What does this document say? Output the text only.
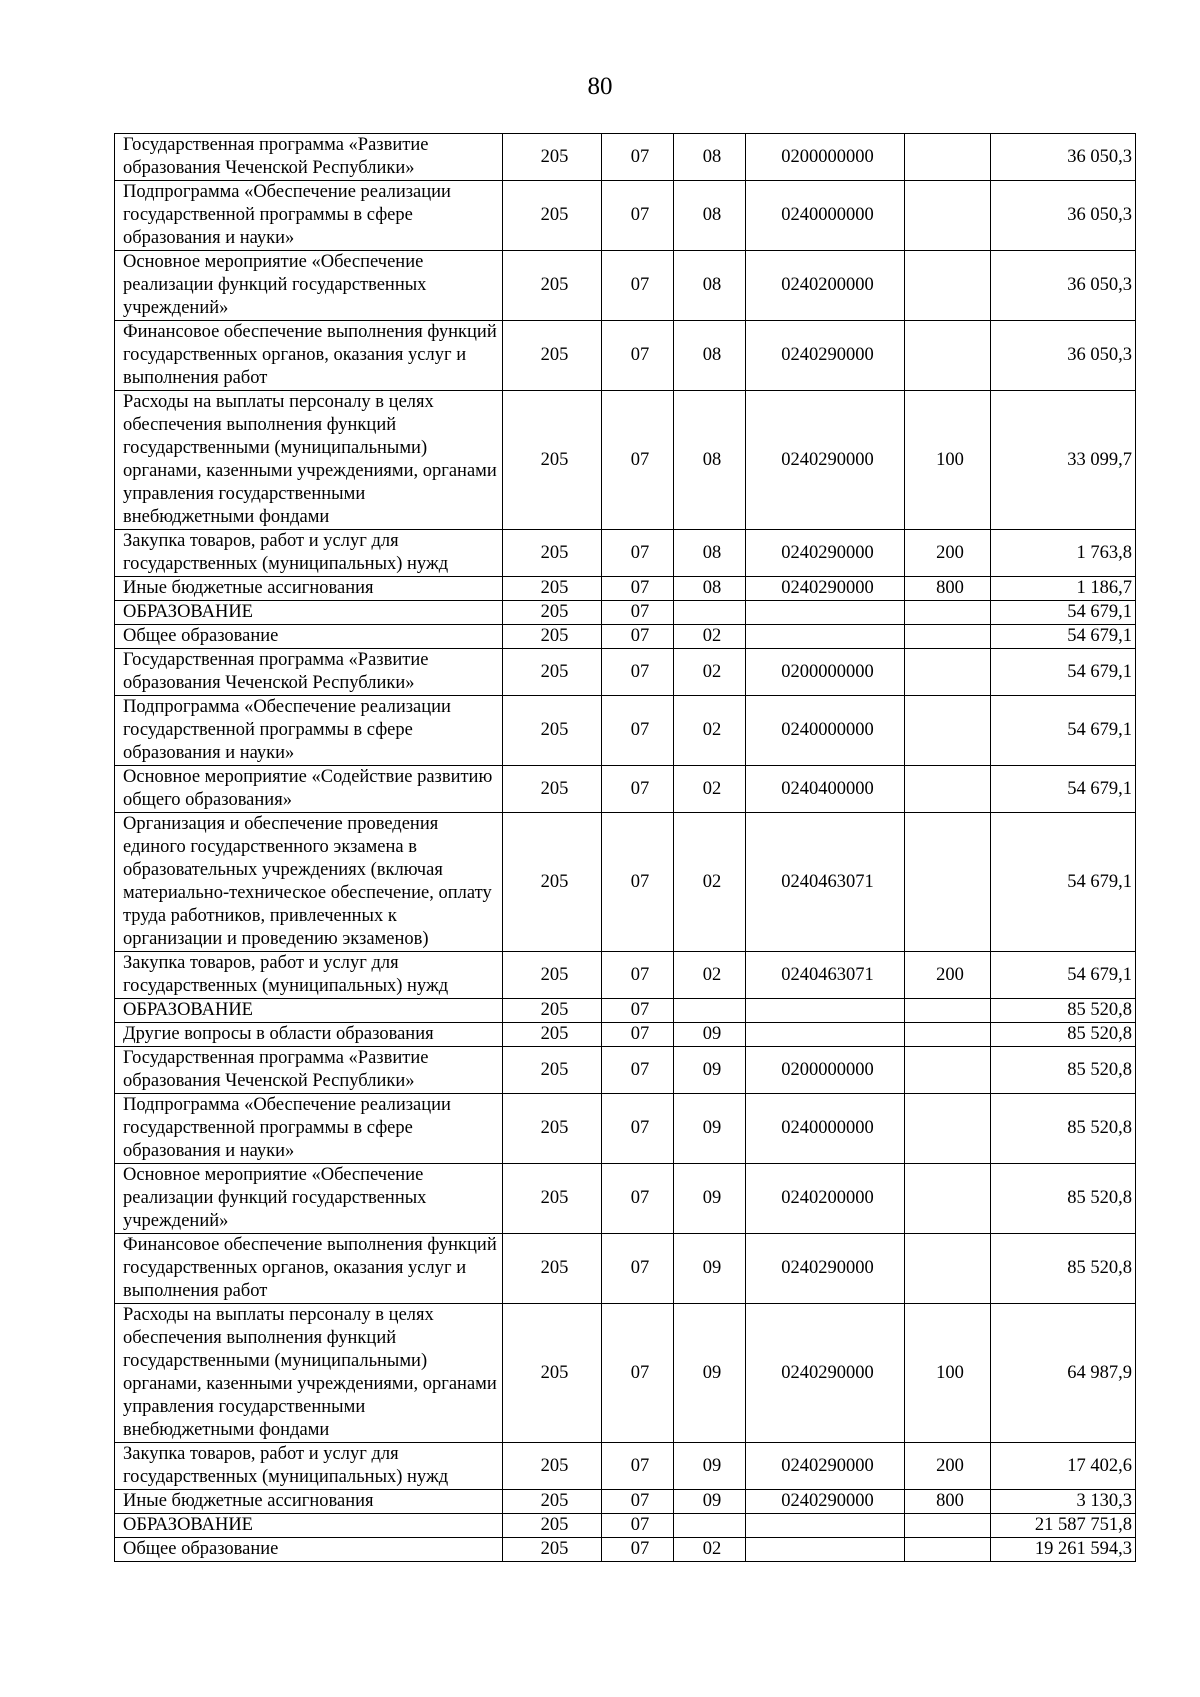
80
Государственная программа «Развитие образования Чеченской Республики»	205	07	08	0200000000		36 050,3
Подпрограмма «Обеспечение реализации государственной программы в сфере образования и науки»	205	07	08	0240000000		36 050,3
Основное мероприятие «Обеспечение реализации функций государственных учреждений»	205	07	08	0240200000		36 050,3
Финансовое обеспечение выполнения функций государственных органов, оказания услуг и выполнения работ	205	07	08	0240290000		36 050,3
Расходы на выплаты персоналу в целях обеспечения выполнения функций государственными (муниципальными) органами, казенными учреждениями, органами управления государственными внебюджетными фондами	205	07	08	0240290000	100	33 099,7
Закупка товаров, работ и услуг для государственных (муниципальных) нужд	205	07	08	0240290000	200	1 763,8
Иные бюджетные ассигнования	205	07	08	0240290000	800	1 186,7
ОБРАЗОВАНИЕ	205	07				54 679,1
Общее образование	205	07	02			54 679,1
Государственная программа «Развитие образования Чеченской Республики»	205	07	02	0200000000		54 679,1
Подпрограмма «Обеспечение реализации государственной программы в сфере образования и науки»	205	07	02	0240000000		54 679,1
Основное мероприятие «Содействие развитию общего образования»	205	07	02	0240400000		54 679,1
Организация и обеспечение проведения единого государственного экзамена в образовательных учреждениях (включая материально-техническое обеспечение, оплату труда работников, привлеченных к организации и проведению экзаменов)	205	07	02	0240463071		54 679,1
Закупка товаров, работ и услуг для государственных (муниципальных) нужд	205	07	02	0240463071	200	54 679,1
ОБРАЗОВАНИЕ	205	07				85 520,8
Другие вопросы в области образования	205	07	09			85 520,8
Государственная программа «Развитие образования Чеченской Республики»	205	07	09	0200000000		85 520,8
Подпрограмма «Обеспечение реализации государственной программы в сфере образования и науки»	205	07	09	0240000000		85 520,8
Основное мероприятие «Обеспечение реализации функций государственных учреждений»	205	07	09	0240200000		85 520,8
Финансовое обеспечение выполнения функций государственных органов, оказания услуг и выполнения работ	205	07	09	0240290000		85 520,8
Расходы на выплаты персоналу в целях обеспечения выполнения функций государственными (муниципальными) органами, казенными учреждениями, органами управления государственными внебюджетными фондами	205	07	09	0240290000	100	64 987,9
Закупка товаров, работ и услуг для государственных (муниципальных) нужд	205	07	09	0240290000	200	17 402,6
Иные бюджетные ассигнования	205	07	09	0240290000	800	3 130,3
ОБРАЗОВАНИЕ	205	07				21 587 751,8
Общее образование	205	07	02			19 261 594,3
